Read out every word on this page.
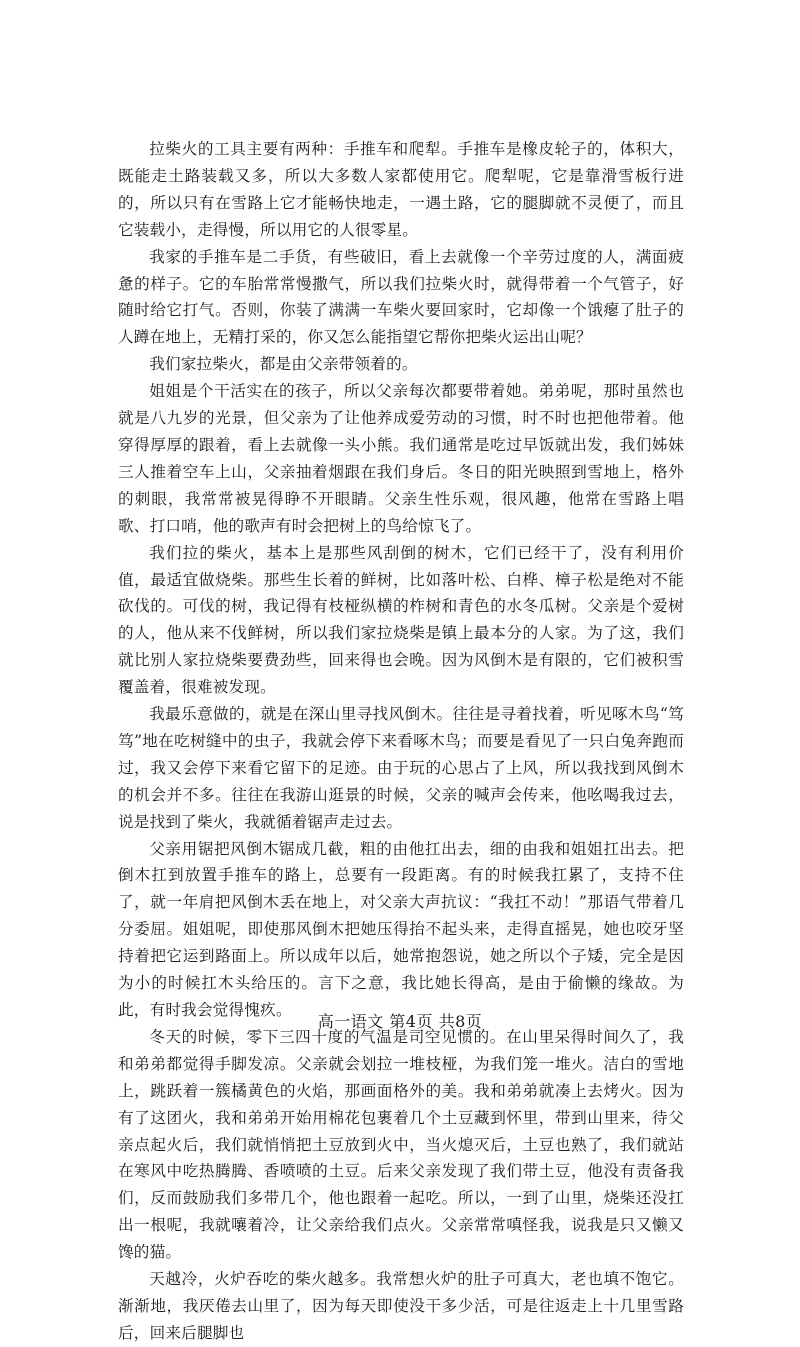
拉柴火的工具主要有两种：手推车和爬犁。手推车是橡皮轮子的，体积大，既能走土路装载又多，所以大多数人家都使用它。爬犁呢，它是靠滑雪板行进的，所以只有在雪路上它才能畅快地走，一遇土路，它的腿脚就不灵便了，而且它装载小，走得慢，所以用它的人很零星。

我家的手推车是二手货，有些破旧，看上去就像一个辛劳过度的人，满面疲惫的样子。它的车胎常常慢撒气，所以我们拉柴火时，就得带着一个气管子，好随时给它打气。否则，你装了满满一车柴火要回家时，它却像一个饿瘪了肚子的人蹲在地上，无精打采的，你又怎么能指望它帮你把柴火运出山呢？

我们家拉柴火，都是由父亲带领着的。

姐姐是个干活实在的孩子，所以父亲每次都要带着她。弟弟呢，那时虽然也就是八九岁的光景，但父亲为了让他养成爱劳动的习惯，时不时也把他带着。他穿得厚厚的跟着，看上去就像一头小熊。我们通常是吃过早饭就出发，我们姊妹三人推着空车上山，父亲抽着烟跟在我们身后。冬日的阳光映照到雪地上，格外的刺眼，我常常被晃得睁不开眼睛。父亲生性乐观，很风趣，他常在雪路上唱歌、打口哨，他的歌声有时会把树上的鸟给惊飞了。

我们拉的柴火，基本上是那些风刮倒的树木，它们已经干了，没有利用价值，最适宜做烧柴。那些生长着的鲜树，比如落叶松、白桦、樟子松是绝对不能砍伐的。可伐的树，我记得有枝桠纵横的柞树和青色的水冬瓜树。父亲是个爱树的人，他从来不伐鲜树，所以我们家拉烧柴是镇上最本分的人家。为了这，我们就比别人家拉烧柴要费劲些，回来得也会晚。因为风倒木是有限的，它们被积雪覆盖着，很难被发现。

我最乐意做的，就是在深山里寻找风倒木。往往是寻着找着，听见啄木鸟“笃笃”地在吃树缝中的虫子，我就会停下来看啄木鸟；而要是看见了一只白兔奔跑而过，我又会停下来看它留下的足迹。由于玩的心思占了上风，所以我找到风倒木的机会并不多。往往在我游山逛景的时候，父亲的喊声会传来，他吆喝我过去，说是找到了柴火，我就循着锯声走过去。

父亲用锯把风倒木锯成几截，粗的由他扛出去，细的由我和姐姐扛出去。把倒木扛到放置手推车的路上，总要有一段距离。有的时候我扛累了，支持不住了，就一年肩把风倒木丢在地上，对父亲大声抗议：“我扛不动！”那语气带着几分委屈。姐姐呢，即使那风倒木把她压得抬不起头来，走得直摇晃，她也咬牙坚持着把它运到路面上。所以成年以后，她常抱怨说，她之所以个子矮，完全是因为小的时候扛木头给压的。言下之意，我比她长得高，是由于偷懒的缘故。为此，有时我会觉得愧疚。

冬天的时候，零下三四十度的气温是司空见惯的。在山里呆得时间久了，我和弟弟都觉得手脚发凉。父亲就会划拉一堆枝桠，为我们笼一堆火。洁白的雪地上，跳跃着一簇橘黄色的火焰，那画面格外的美。我和弟弟就凑上去烤火。因为有了这团火，我和弟弟开始用棉花包裹着几个土豆藏到怀里，带到山里来，待父亲点起火后，我们就悄悄把土豆放到火中，当火熄灭后，土豆也熟了，我们就站在寒风中吃热腾腾、香喷喷的土豆。后来父亲发现了我们带土豆，他没有责备我们，反而鼓励我们多带几个，他也跟着一起吃。所以，一到了山里，烧柴还没扛出一根呢，我就嚷着冷，让父亲给我们点火。父亲常常嗔怪我，说我是只又懒又馋的猫。

天越冷，火炉吞吃的柴火越多。我常想火炉的肚子可真大，老也填不饱它。渐渐地，我厌倦去山里了，因为每天即使没干多少活，可是往返走上十几里雪路后，回来后腿脚也

高一语文 第4页 共8页
